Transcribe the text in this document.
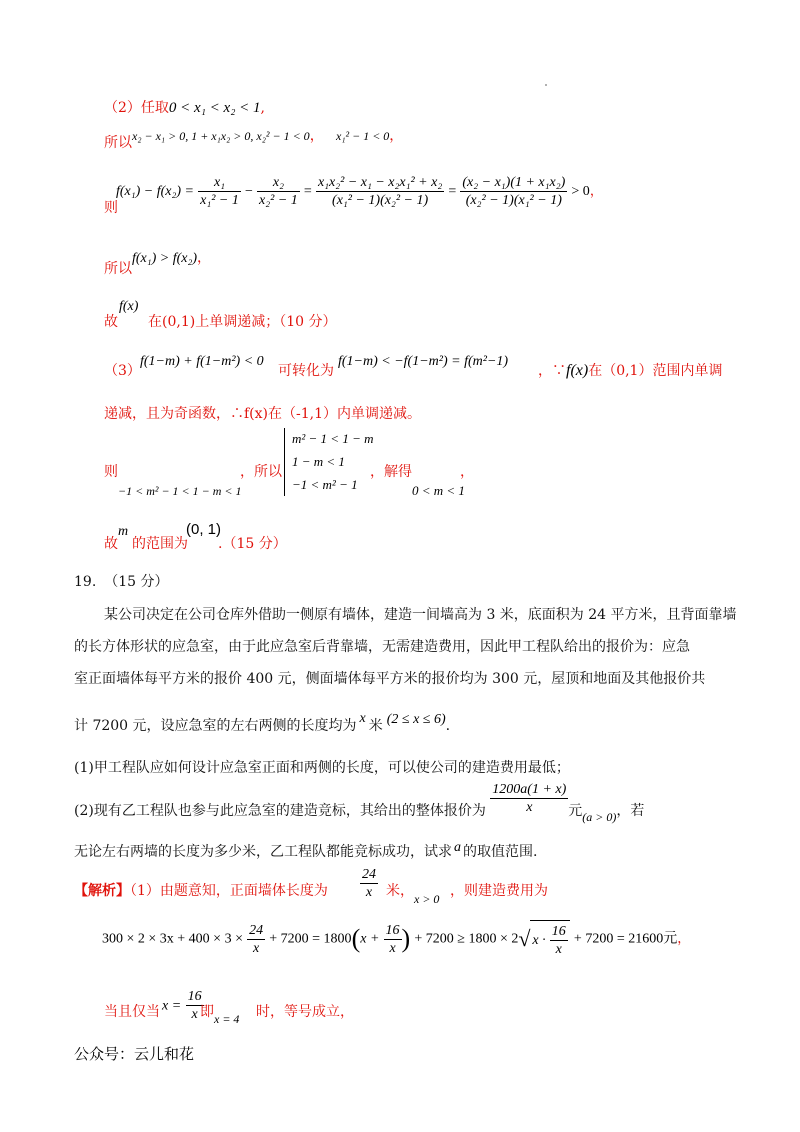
（2）任取0 < x₁ < x₂ < 1,
所以 x₂ − x₁ > 0, 1 + x₁x₂ > 0, x₂² − 1 < 0， x₁² − 1 < 0，
则
$f(x_1) - f(x_2) = \frac{\text{x₁}}{\text{x₁² − 1}} - \frac{\text{x₂}}{\text{x₂² − 1}} = \frac{\text{x₁x₂² − x₁ − x₂x₁² + x₂}}{\text{(x₁² − 1)(x₂² − 1)}} = \frac{\text{(x₂ − x₁)(1 + x₁x₂)}}{\text{(x₂² − 1)(x₁² − 1)}} > 0$，
所以
f(x₁) > f(x₂)，
故
f(x)
在(0,1)上单调递减；（10 分）
（3）
f(1−m) + f(1−m²) < 0
可转化为
f(1−m) < −f(1−m²) = f(m²−1)
，∵f(x)在（0,1）范围内单调
递减，且为奇函数，∴f(x)在（-1,1）内单调递减。
则
−1 < m² − 1 < 1 − m < 1
，所以
m² − 1 < 1 − m
1 − m < 1
−1 < m² − 1
，解得
0 < m < 1
，
故
m
的范围为
(0, 1)
.（15 分）
19. （15 分）
某公司决定在公司仓库外借助一侧原有墙体，建造一间墙高为 3 米，底面积为 24 平方米，且背面靠墙
的长方体形状的应急室，由于此应急室后背靠墙，无需建造费用，因此甲工程队给出的报价为：应急
室正面墙体每平方米的报价 400 元，侧面墙体每平方米的报价均为 300 元，屋顶和地面及其他报价共
计 7200 元，设应急室的左右两侧的长度均为 x 米 (2 ≤ x ≤ 6).
(1)甲工程队应如何设计应急室正面和两侧的长度，可以使公司的建造费用最低；
(2)现有乙工程队也参与此应急室的建造竞标，其给出的整体报价为 $\frac{1200a(1 + x)}{x}$ 元(a > 0)，若
无论左右两墙的长度为多少米，乙工程队都能竞标成功，试求 a 的取值范围.
【解析】（1）由题意知，正面墙体长度为 $\frac{24}{x}$ 米， x > 0 ，则建造费用为
$300 \times 2 \times 3x + 400 \times 3 \times \frac{24}{x} + 7200 = 1800(x + \frac{16}{x}$ ) + 7200 ≥ 1800 × 2√ $x \cdot \frac{16}{x} + 7200 = 21600$元，
当且仅当 $x = \frac{16}{x}$
即 x = 4 时，等号成立，
公众号：云儿和花
